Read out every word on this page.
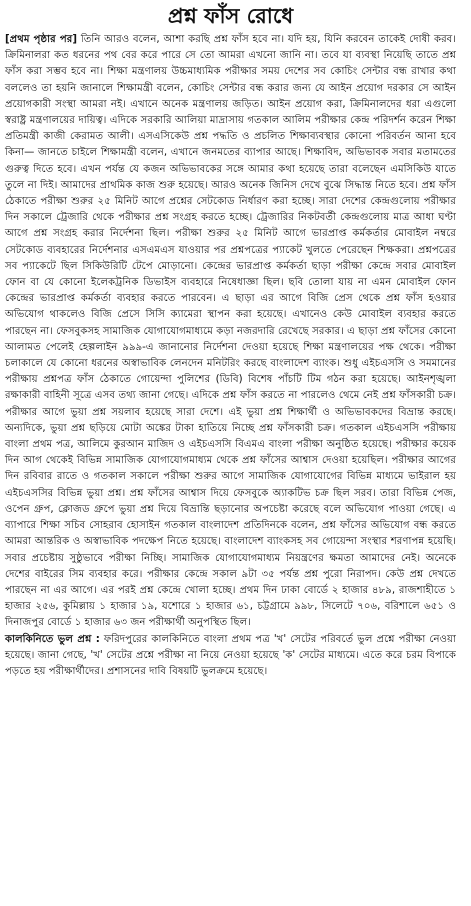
প্রশ্ন ফাঁস রোধে

[প্রথম পৃষ্ঠার পর] তিনি আরও বলেন, আশা করছি প্রশ্ন ফাঁস হবে না। যদি হয়, যিনি করবেন তাকেই দোষী করব। ক্রিমিনালরা কত ধরনের পথ বের করে পারে সে তো আমরা এখনো জানি না। তবে যা ব্যবস্থা নিয়েছি তাতে প্রশ্ন ফাঁস করা সম্ভব হবে না। শিক্ষা মন্ত্রণালয় উচ্চমাধ্যমিক পরীক্ষার সময় দেশের সব কোচিং সেন্টার বন্ধ রাখার কথা বললেও তা হয়নি জানালে শিক্ষামন্ত্রী বলেন, কোচিং সেন্টার বন্ধ করার জন্য যে আইন প্রয়োগ দরকার সে আইন প্রয়োগকারী সংস্থা আমরা নই। এখানে অনেক মন্ত্রণালয় জড়িত। আইন প্রয়োগ করা, ক্রিমিনালদের ধরা এগুলো স্বরাষ্ট্র মন্ত্রণালয়ের দায়িত্ব। এদিকে সরকারি আলিয়া মাদ্রাসায় গতকাল আলিম পরীক্ষার কেন্দ্র পরিদর্শন করেন শিক্ষা প্রতিমন্ত্রী কাজী কেরামত আলী। এসএসিকেউ প্রশ্ন পদ্ধতি ও প্রচলিত শিক্ষাব্যবস্থার কোনো পরিবর্তন আনা হবে কিনা— জানতে চাইলে শিক্ষামন্ত্রী বলেন, এখানে জনমতের ব্যাপার আছে। শিক্ষাবিদ, অভিভাবক সবার মতামতের গুরুত্ব দিতে হবে। এখন পর্যন্ত যে কজন অভিভাবকের সঙ্গে আমার কথা হয়েছে তারা বলেছেন এমসিকিউ যাতে তুলে না দিই। আমাদের প্রাথমিক কাজ শুরু হয়েছে। আরও অনেক জিনিস দেখে বুঝে সিদ্ধান্ত নিতে হবে। প্রশ্ন ফাঁস ঠেকাতে পরীক্ষা শুরুর ২৫ মিনিট আগে প্রশ্নের সেটকোড নির্ধারণ করা হচ্ছে। সারা দেশের কেন্দ্রগুলোয় পরীক্ষার দিন সকালে ট্রেজারি থেকে পরীক্ষার প্রশ্ন সংগ্রহ করতে হচ্ছে। ট্রেজারির নিকটবর্তী কেন্দ্রগুলোয় মাত্র আধা ঘণ্টা আগে প্রশ্ন সংগ্রহ করার নির্দেশনা ছিল। পরীক্ষা শুরুর ২৫ মিনিট আগে ভারপ্রাপ্ত কর্মকর্তার মোবাইল নম্বরে সেটকোড ব্যবহারের নির্দেশনার এসএমএস যাওয়ার পর প্রশ্নপত্রের প্যাকেট খুলতে পেরেছেন শিক্ষকরা। প্রশ্নপত্রের সব প্যাকেটে ছিল সিকিউরিটি টেপে মোড়ানো। কেন্দ্রের ভারপ্রাপ্ত কর্মকর্তা ছাড়া পরীক্ষা কেন্দ্রে সবার মোবাইল ফোন বা যে কোনো ইলেকট্রনিক ডিভাইস ব্যবহারে নিষেধাজ্ঞা ছিল। ছবি তোলা যায় না এমন মোবাইল ফোন কেন্দ্রের ভারপ্রাপ্ত কর্মকর্তা ব্যবহার করতে পারবেন। এ ছাড়া এর আগে বিজি প্রেস থেকে প্রশ্ন ফাঁস হওয়ার অভিযোগ থাকলেও বিজি প্রেসে সিসি ক্যামেরা স্থাপন করা হয়েছে। এখানেও কেউ মোবাইল ব্যবহার করতে পারছেন না। ফেসবুকসহ সামাজিক যোগাযোগমাধ্যমে কড়া নজরদারি রেখেছে সরকার। এ ছাড়া প্রশ্ন ফাঁসের কোনো আলামত পেলেই হেল্পলাইন ৯৯৯-এ জানানোর নির্দেশনা দেওয়া হয়েছে শিক্ষা মন্ত্রণালয়ের পক্ষ থেকে। পরীক্ষা চলাকালে যে কোনো ধরনের অস্বাভাবিক লেনদেন মনিটরিং করছে বাংলাদেশ ব্যাংক। শুধু এইচএসসি ও সমমানের পরীক্ষায় প্রশ্নপত্র ফাঁস ঠেকাতে গোয়েন্দা পুলিশের (ডিবি) বিশেষ পাঁচটি টিম গঠন করা হয়েছে। আইনশৃঙ্খলা রক্ষাকারী বাহিনী সূত্রে এসব তথ্য জানা গেছে। এদিকে প্রশ্ন ফাঁস করতে না পারলেও থেমে নেই প্রশ্ন ফাঁসকারী চক্র। পরীক্ষার আগে ভুয়া প্রশ্ন সয়লাব হয়েছে সারা দেশে। এই ভুয়া প্রশ্ন শিক্ষার্থী ও অভিভাবকদের বিভ্রান্ত করছে। অন্যদিকে, ভুয়া প্রশ্ন ছড়িয়ে মোটা অঙ্কের টাকা হাতিয়ে নিচ্ছে প্রশ্ন ফাঁসকারী চক্র। গতকাল এইচএসসি পরীক্ষায় বাংলা প্রথম পত্র, আলিমে কুরআন মাজিদ ও এইচএসসি বিএমএ বাংলা পরীক্ষা অনুষ্ঠিত হয়েছে। পরীক্ষার কয়েক দিন আগ থেকেই বিভিন্ন সামাজিক যোগাযোগমাধ্যম থেকে প্রশ্ন ফাঁসের আশ্বাস দেওয়া হয়েছিল। পরীক্ষার আগের দিন রবিবার রাতে ও গতকাল সকালে পরীক্ষা শুরুর আগে সামাজিক যোগাযোগের বিভিন্ন মাধ্যমে ভাইরাল হয় এইচএসসির বিভিন্ন ভুয়া প্রশ্ন। প্রশ্ন ফাঁসের আশ্বাস দিয়ে ফেসবুকে অ্যাকটিভ চক্র ছিল সরব। তারা বিভিন্ন পেজ, ওপেন গ্রুপ, ক্লোজড গ্রুপে ভুয়া প্রশ্ন দিয়ে বিভ্রান্তি ছড়ানোর অপচেষ্টা করেছে বলে অভিযোগ পাওয়া গেছে। এ ব্যাপারে শিক্ষা সচিব সোহরাব হোসাইন গতকাল বাংলাদেশ প্রতিদিনকে বলেন, প্রশ্ন ফাঁসের অভিযোগ বন্ধ করতে আমরা আন্তরিক ও অস্বাভাবিক পদক্ষেপ নিতে হয়েছে। বাংলাদেশ ব্যাংকসহ সব গোয়েন্দা সংস্থার শরণাপন্ন হয়েছি। সবার প্রচেষ্টায় সুষ্ঠুভাবে পরীক্ষা নিচ্ছি। সামাজিক যোগাযোগমাধ্যম নিয়ন্ত্রণের ক্ষমতা আমাদের নেই। অনেকে দেশের বাইরের সিম ব্যবহার করে। পরীক্ষার কেন্দ্রে সকাল ৯টা ৩৫ পর্যন্ত প্রশ্ন পুরো নিরাপদ। কেউ প্রশ্ন দেখতে পারছেন না এর আগে। এর পরই প্রশ্ন কেন্দ্রে খোলা হচ্ছে। প্রথম দিন ঢাকা বোর্ডে ২ হাজার ৪৮৯, রাজশাহীতে ১ হাজার ২৫৬, কুমিল্লায় ১ হাজার ১৯, যশোরে ১ হাজার ৬১, চট্টগ্রামে ৯৯৮, সিলেটে ৭০৬, বরিশালে ৬৫১ ও দিনাজপুর বোর্ডে ১ হাজার ৬৩ জন পরীক্ষার্থী অনুপস্থিত ছিল।

কালকিনিতে ভুল প্রশ্ন : ফরিদপুরের কালকিনিতে বাংলা প্রথম পত্র 'খ' সেটের পরিবর্তে ভুল প্রশ্নে পরীক্ষা নেওয়া হয়েছে। জানা গেছে, 'খ' সেটের প্রশ্নে পরীক্ষা না নিয়ে নেওয়া হয়েছে 'ক' সেটের মাধ্যমে। এতে করে চরম বিপাকে পড়তে হয় পরীক্ষার্থীদের। প্রশাসনের দাবি বিষয়টি ভুলক্রমে হয়েছে।
